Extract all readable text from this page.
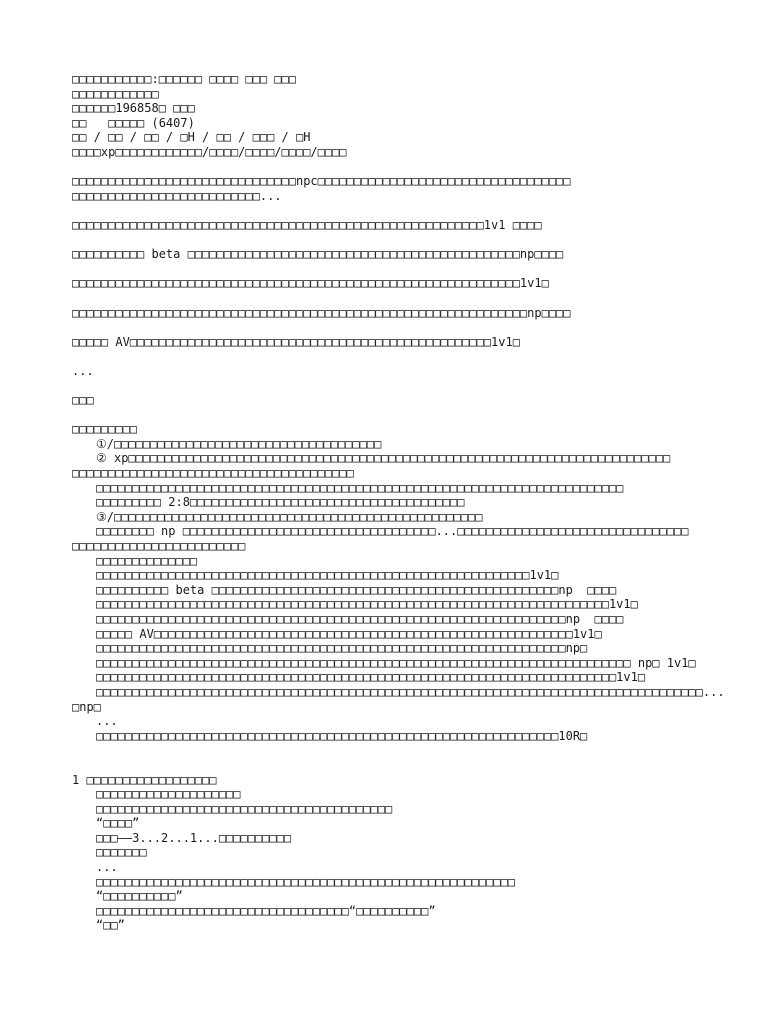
□□□□□□□□□□□:□□□□□□ □□□□ □□□ □□□
□□□□□□□□□□□□
□□□□□□196858□ □□□
□□   □□□□□ (6407)
□□ / □□ / □□ / □H / □□ / □□□ / □H
□□□□xp□□□□□□□□□□□□/□□□□/□□□□/□□□□/□□□□
□□□□□□□□□□□□□□□□□□□□□□□□□□□□□□□npc□□□□□□□□□□□□□□□□□□□□□□□□□□□□□□□□□□□
□□□□□□□□□□□□□□□□□□□□□□□□□□...
□□□□□□□□□□□□□□□□□□□□□□□□□□□□□□□□□□□□□□□□□□□□□□□□□□□□□□□□□1v1 □□□□
□□□□□□□□□□ beta □□□□□□□□□□□□□□□□□□□□□□□□□□□□□□□□□□□□□□□□□□□□□□np□□□□
□□□□□□□□□□□□□□□□□□□□□□□□□□□□□□□□□□□□□□□□□□□□□□□□□□□□□□□□□□□□□□1v1□
□□□□□□□□□□□□□□□□□□□□□□□□□□□□□□□□□□□□□□□□□□□□□□□□□□□□□□□□□□□□□□□np□□□□
□□□□□ AV□□□□□□□□□□□□□□□□□□□□□□□□□□□□□□□□□□□□□□□□□□□□□□□□□□1v1□
...
□□□
□□□□□□□□□
①/□□□□□□□□□□□□□□□□□□□□□□□□□□□□□□□□□□□□□
② xp□□□□□□□□□□□□□□□□□□□□□□□□□□□□□□□□□□□□□□□□□□□□□□□□□□□□□□□□□□□□□□□□□□□□□□□□□□□
□□□□□□□□□□□□□□□□□□□□□□□□□□□□□□□□□□□□□□□
□□□□□□□□□□□□□□□□□□□□□□□□□□□□□□□□□□□□□□□□□□□□□□□□□□□□□□□□□□□□□□□□□□□□□□□□□
□□□□□□□□□ 2:8□□□□□□□□□□□□□□□□□□□□□□□□□□□□□□□□□□□□□□
③/□□□□□□□□□□□□□□□□□□□□□□□□□□□□□□□□□□□□□□□□□□□□□□□□□□□
□□□□□□□□ np □□□□□□□□□□□□□□□□□□□□□□□□□□□□□□□□□□□...□□□□□□□□□□□□□□□□□□□□□□□□□□□□□□□□
□□□□□□□□□□□□□□□□□□□□□□□□
□□□□□□□□□□□□□□
□□□□□□□□□□□□□□□□□□□□□□□□□□□□□□□□□□□□□□□□□□□□□□□□□□□□□□□□□□□□1v1□
□□□□□□□□□□ beta □□□□□□□□□□□□□□□□□□□□□□□□□□□□□□□□□□□□□□□□□□□□□□□□np  □□□□
□□□□□□□□□□□□□□□□□□□□□□□□□□□□□□□□□□□□□□□□□□□□□□□□□□□□□□□□□□□□□□□□□□□□□□□1v1□
□□□□□□□□□□□□□□□□□□□□□□□□□□□□□□□□□□□□□□□□□□□□□□□□□□□□□□□□□□□□□□□□□np  □□□□
□□□□□ AV□□□□□□□□□□□□□□□□□□□□□□□□□□□□□□□□□□□□□□□□□□□□□□□□□□□□□□□□□□1v1□
□□□□□□□□□□□□□□□□□□□□□□□□□□□□□□□□□□□□□□□□□□□□□□□□□□□□□□□□□□□□□□□□□np□
□□□□□□□□□□□□□□□□□□□□□□□□□□□□□□□□□□□□□□□□□□□□□□□□□□□□□□□□□□□□□□□□□□□□□□□□□□ np□ 1v1□
□□□□□□□□□□□□□□□□□□□□□□□□□□□□□□□□□□□□□□□□□□□□□□□□□□□□□□□□□□□□□□□□□□□□□□□□1v1□
□□□□□□□□□□□□□□□□□□□□□□□□□□□□□□□□□□□□□□□□□□□□□□□□□□□□□□□□□□□□□□□□□□□□□□□□□□□□□□□□□□□□...
□np□
...
□□□□□□□□□□□□□□□□□□□□□□□□□□□□□□□□□□□□□□□□□□□□□□□□□□□□□□□□□□□□□□□□10R□
1 □□□□□□□□□□□□□□□□□□
□□□□□□□□□□□□□□□□□□□□
□□□□□□□□□□□□□□□□□□□□□□□□□□□□□□□□□□□□□□□□□
“□□□□”
□□□——3...2...1...□□□□□□□□□□
□□□□□□□
...
□□□□□□□□□□□□□□□□□□□□□□□□□□□□□□□□□□□□□□□□□□□□□□□□□□□□□□□□□□
“□□□□□□□□□□”
□□□□□□□□□□□□□□□□□□□□□□□□□□□□□□□□□□□“□□□□□□□□□□”
“□□”
